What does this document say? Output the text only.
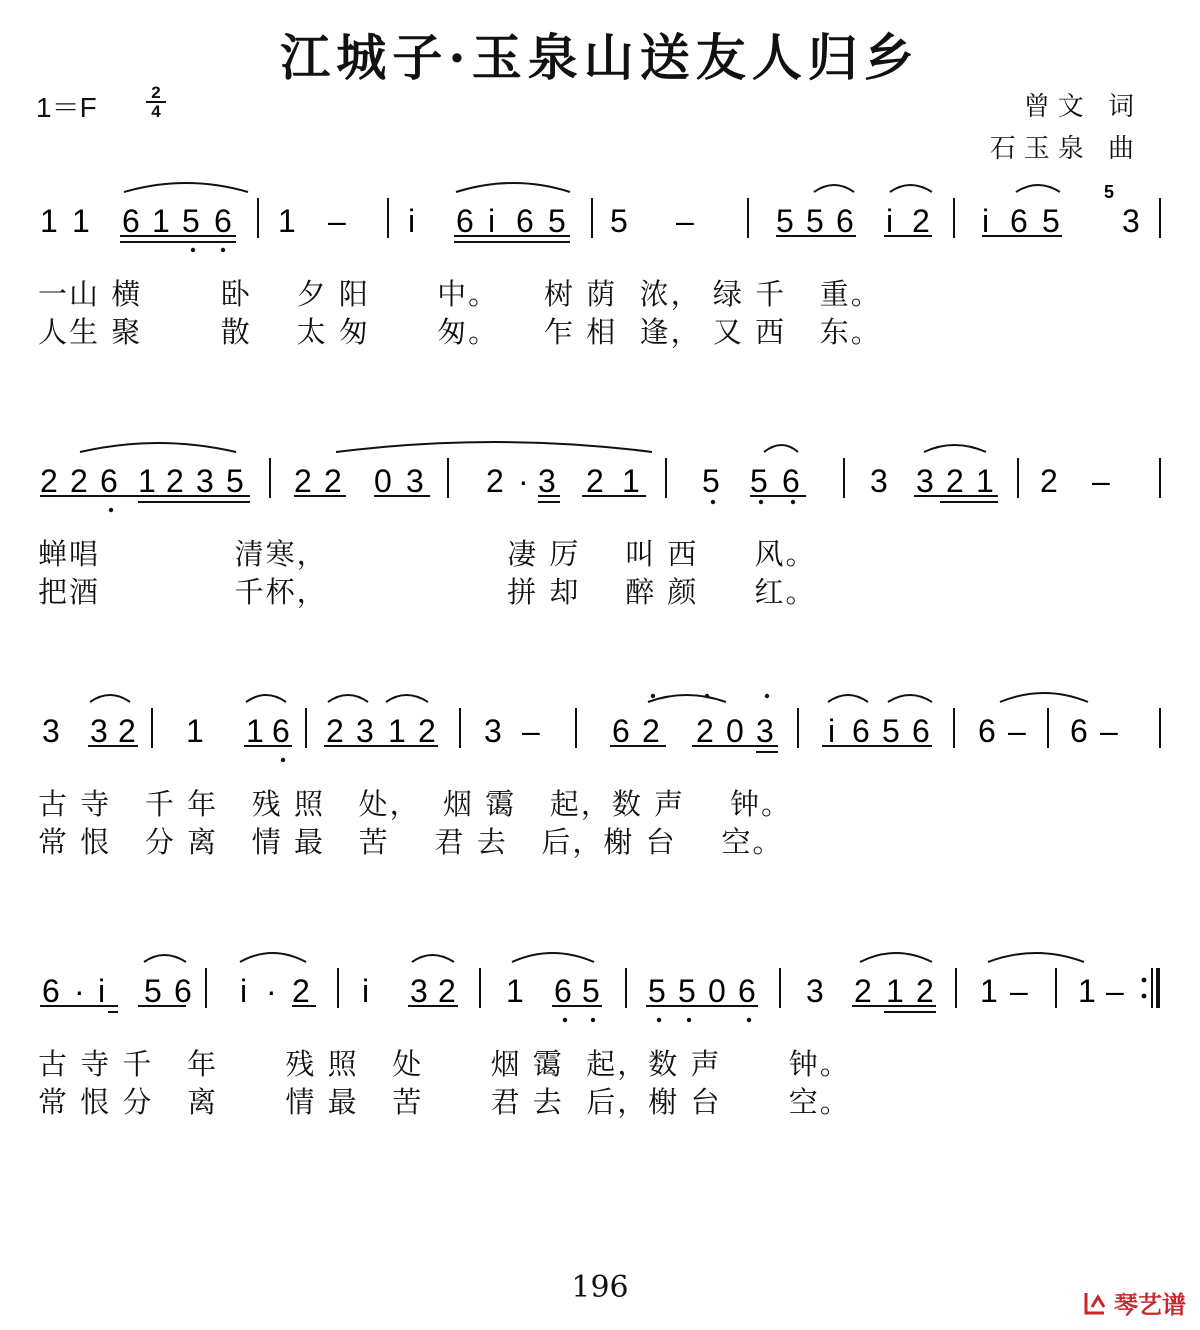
江城子·玉泉山送友人归乡
1＝F	2
4	曾文 词
石玉泉 曲
1 1 6 1 5 6 1 – i 6 i 6 5 5 –	5 5 6 i 2 i 6 5
5
3
一山 横       卧    夕 阳      中。    树 荫  浓， 绿 千   重。
人生 聚       散    太 匆      匆。    乍 相  逢， 又 西   东。
2 2 6 1 2 3 5 2 2 0 3 2 · 3 2 1 5 5 6 3 3 2 1 2 –
蝉唱            清寒，                凄 厉    叫 西     风。
把酒            千杯，                拼 却    醉 颜     红。
3 3 2 1 1 6 2 3 1 2 3 – 6 2 2 0 3 i 6 5 6 6 – 6 –
古 寺   千 年   残 照   处，  烟 霭   起，数 声    钟。
常 恨   分 离   情 最   苦    君 去   后，榭 台    空。
6 · i 5 6 i · 2 i 3 2 1 6 5 5 5 0 6 3 2 1 2 1 – 1 –
古 寺 千   年      残 照   处      烟 霭  起，数 声      钟。
常 恨 分   离      情 最   苦      君 去  后，榭 台      空。
196	琴艺谱
